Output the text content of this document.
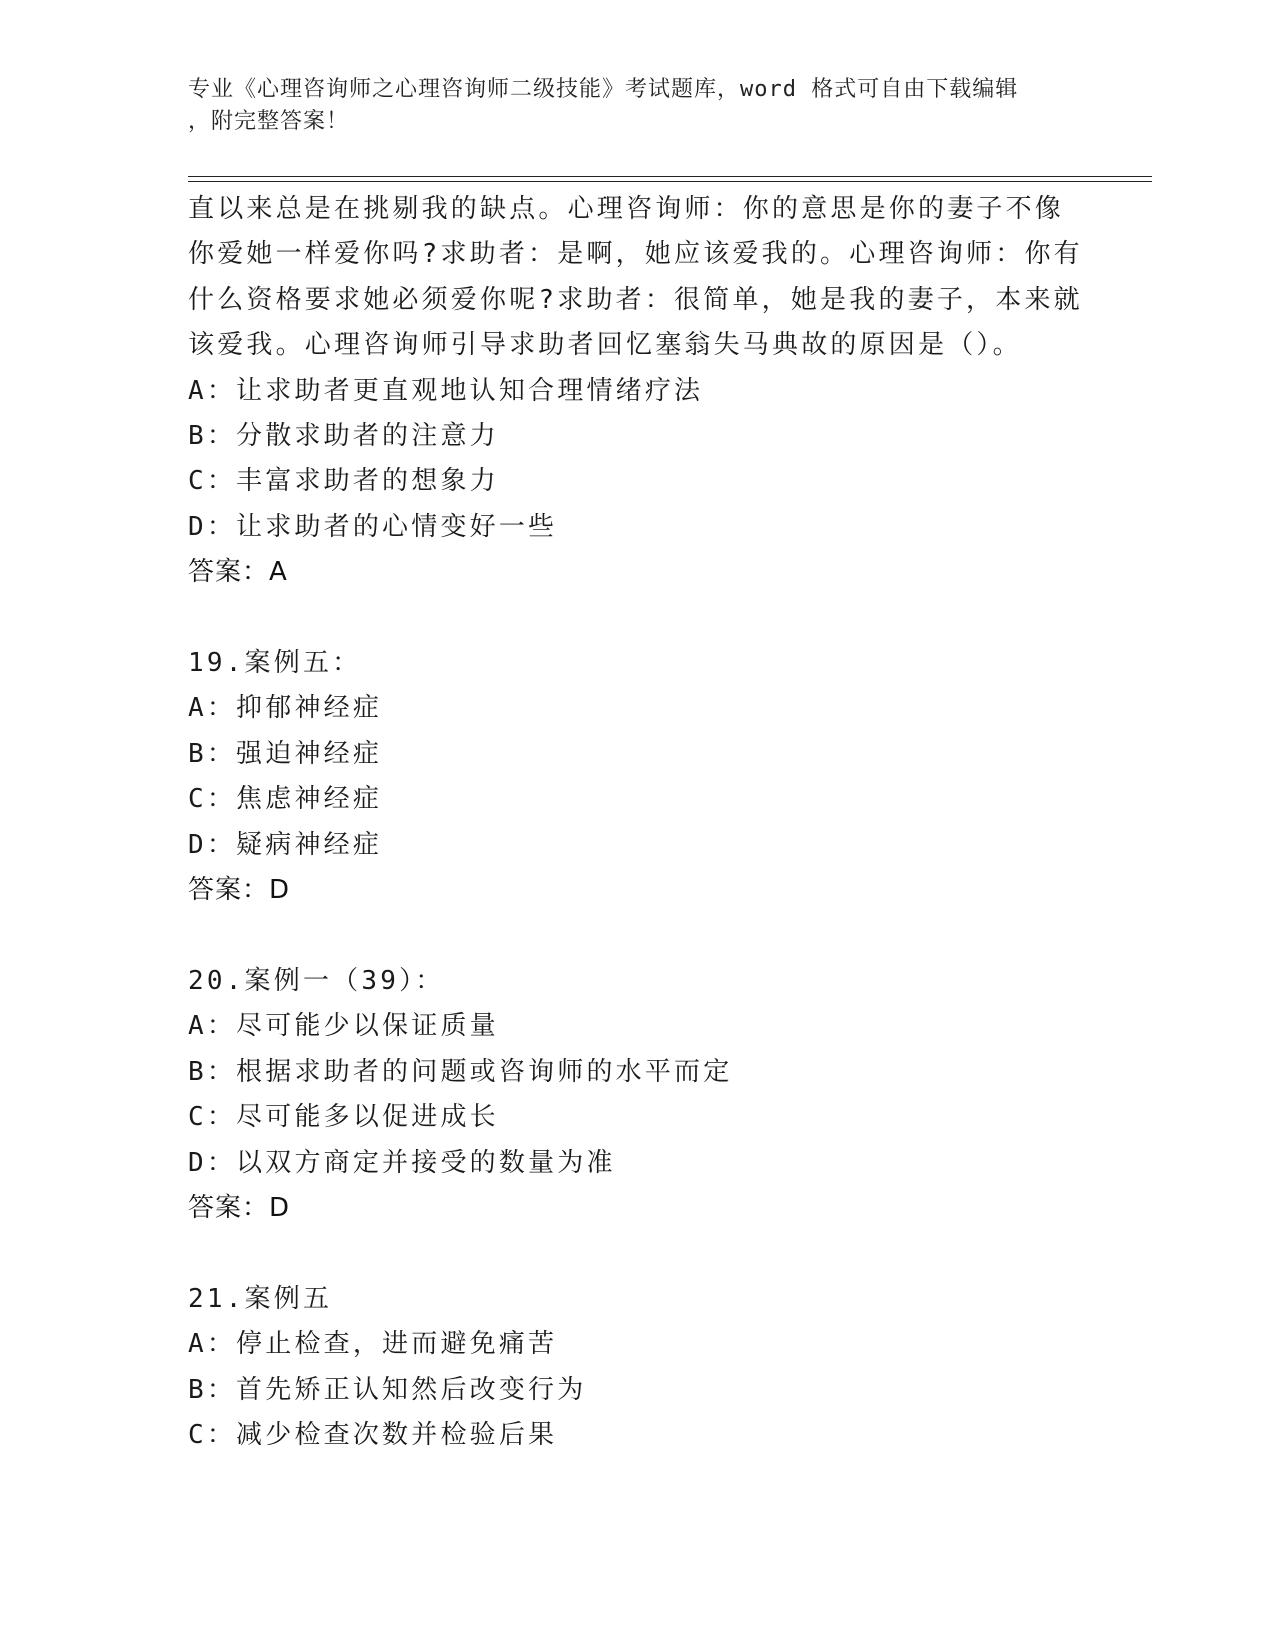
专业《心理咨询师之心理咨询师二级技能》考试题库，word 格式可自由下载编辑
，附完整答案！
直以来总是在挑剔我的缺点。心理咨询师：你的意思是你的妻子不像
你爱她一样爱你吗?求助者：是啊，她应该爱我的。心理咨询师：你有
什么资格要求她必须爱你呢?求助者：很简单，她是我的妻子，本来就
该爱我。心理咨询师引导求助者回忆塞翁失马典故的原因是（）。
A：让求助者更直观地认知合理情绪疗法
B：分散求助者的注意力
C：丰富求助者的想象力
D：让求助者的心情变好一些
答案：A
19.案例五：
A：抑郁神经症
B：强迫神经症
C：焦虑神经症
D：疑病神经症
答案：D
20.案例一（39）：
A：尽可能少以保证质量
B：根据求助者的问题或咨询师的水平而定
C：尽可能多以促进成长
D：以双方商定并接受的数量为准
答案：D
21.案例五
A：停止检查，进而避免痛苦
B：首先矫正认知然后改变行为
C：减少检查次数并检验后果
